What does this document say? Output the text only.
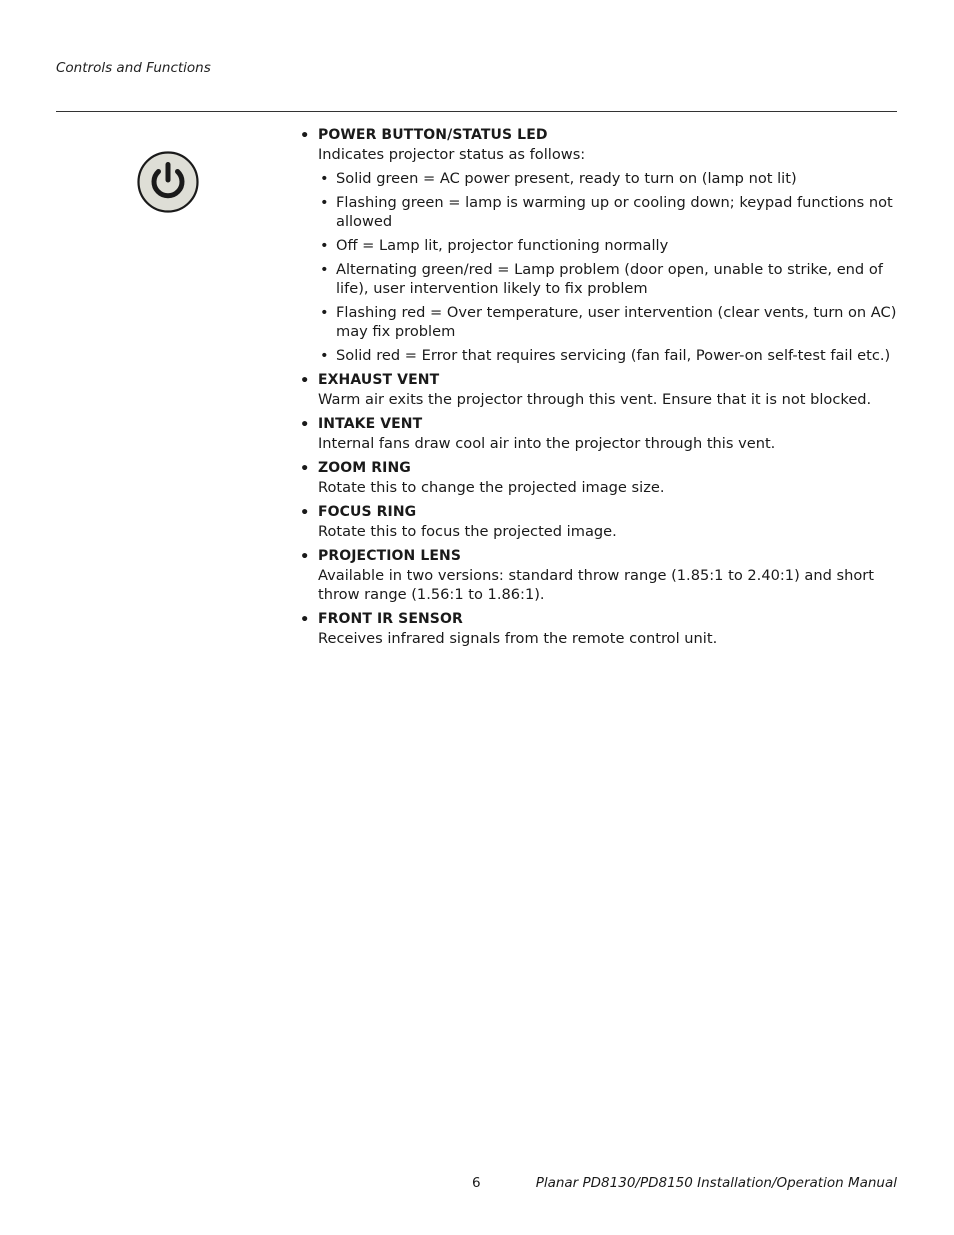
Controls and Functions
• POWER BUTTON/STATUS LED
Indicates projector status as follows:
• Solid green = AC power present, ready to turn on (lamp not lit)
• Flashing green = lamp is warming up or cooling down; keypad functions not allowed
• Off = Lamp lit, projector functioning normally
• Alternating green/red = Lamp problem (door open, unable to strike, end of life), user intervention likely to fix problem
• Flashing red = Over temperature, user intervention (clear vents, turn on AC) may fix problem
• Solid red = Error that requires servicing (fan fail, Power-on self-test fail etc.)
• EXHAUST VENT
Warm air exits the projector through this vent. Ensure that it is not blocked.
• INTAKE VENT
Internal fans draw cool air into the projector through this vent.
• ZOOM RING
Rotate this to change the projected image size.
• FOCUS RING
Rotate this to focus the projected image.
• PROJECTION LENS
Available in two versions: standard throw range (1.85:1 to 2.40:1) and short throw range (1.56:1 to 1.86:1).
• FRONT IR SENSOR
Receives infrared signals from the remote control unit.
6	Planar PD8130/PD8150 Installation/Operation Manual
